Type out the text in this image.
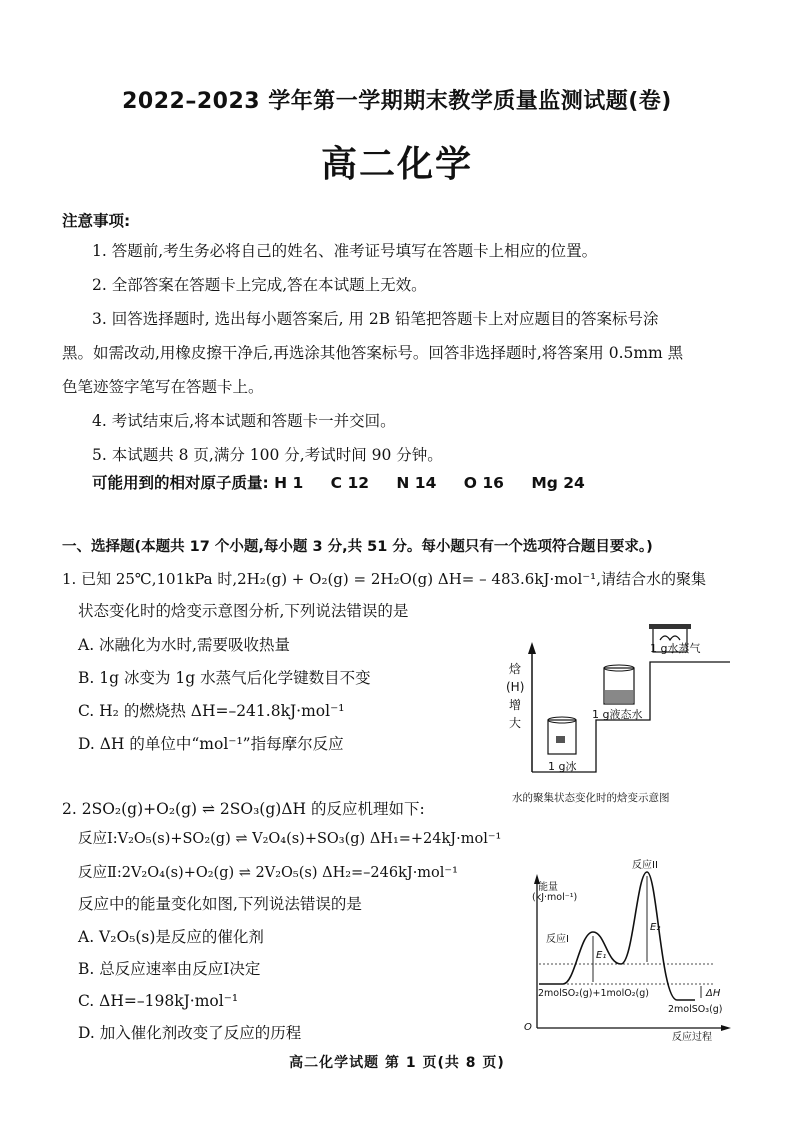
2022–2023 学年第一学期期末教学质量监测试题(卷)
高二化学
注意事项:
1. 答题前,考生务必将自己的姓名、准考证号填写在答题卡上相应的位置。
2. 全部答案在答题卡上完成,答在本试题上无效。
3. 回答选择题时, 选出每小题答案后, 用 2B 铅笔把答题卡上对应题目的答案标号涂
黑。如需改动,用橡皮擦干净后,再选涂其他答案标号。回答非选择题时,将答案用 0.5mm 黑
色笔迹签字笔写在答题卡上。
4. 考试结束后,将本试题和答题卡一并交回。
5. 本试题共 8 页,满分 100 分,考试时间 90 分钟。
可能用到的相对原子质量: H 1 C 12 N 14 O 16 Mg 24
一、选择题(本题共 17 个小题,每小题 3 分,共 51 分。每小题只有一个选项符合题目要求。)
1. 已知 25℃,101kPa 时,2H₂(g) + O₂(g) = 2H₂O(g) ΔH= – 483.6kJ·mol⁻¹,请结合水的聚集
状态变化时的焓变示意图分析,下列说法错误的是
A. 冰融化为水时,需要吸收热量
B. 1g 冰变为 1g 水蒸气后化学键数目不变
C. H₂ 的燃烧热 ΔH=–241.8kJ·mol⁻¹
D. ΔH 的单位中“mol⁻¹”指每摩尔反应
焓
(H)
增
大
1 g冰
1 g液态水
1 g水蒸气
水的聚集状态变化时的焓变示意图
2. 2SO₂(g)+O₂(g) ⇌ 2SO₃(g)ΔH 的反应机理如下:
反应Ⅰ:V₂O₅(s)+SO₂(g) ⇌ V₂O₄(s)+SO₃(g) ΔH₁=+24kJ·mol⁻¹
反应Ⅱ:2V₂O₄(s)+O₂(g) ⇌ 2V₂O₅(s) ΔH₂=–246kJ·mol⁻¹
反应中的能量变化如图,下列说法错误的是
A. V₂O₅(s)是反应的催化剂
B. 总反应速率由反应Ⅰ决定
C. ΔH=–198kJ·mol⁻¹
D. 加入催化剂改变了反应的历程
能量
(kJ·mol⁻¹)
反应I
反应II
E₁
E₂
ΔH
2molSO₂(g)+1molO₂(g)
2molSO₃(g)
O
反应过程
高二化学试题 第 1 页(共 8 页)
